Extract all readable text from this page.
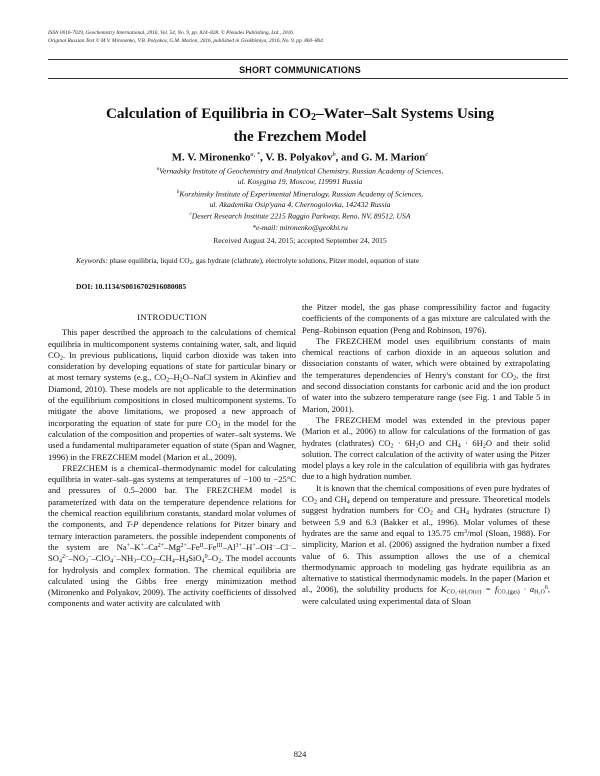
ISSN 0016-7029, Geochemistry International, 2016, Vol. 54, No. 9, pp. 824–828. © Pleiades Publishing, Ltd., 2016.
Original Russian Text © M.V. Mironenko, V.B. Polyakov, G.M. Marion, 2016, published in Geokhimiya, 2016, No. 9, pp. 860–864.
SHORT COMMUNICATIONS
Calculation of Equilibria in $CO_2-Water$–Salt Systems Using
the Frezchem Model
M. V. Mironenko$^{a, *}$, V. B. Polyakov$^b$, and G. M. Marion$^c$
$^a$Vernadsky Institute of Geochemistry and Analytical Chemistry, Russian Academy of Sciences,
ul. Kosygina 19, Moscow, 119991 Russia
$^b$Korzhinsky Institute of Experimental Mineralogy, Russian Academy of Sciences,
ul. Akademika Osip'yana 4, Chernogolovka, 142432 Russia
$^c$Desert Research Institute 2215 Raggio Parkway, Reno, NV, 89512, USA
*e-mail: mironenko@geokhi.ru
Received August 24, 2015; accepted September 24, 2015
Keywords: phase equilibria, liquid $CO_2$, gas hydrate (clathrate), electrolyte solutions, Pitzer model, equation of state
DOI: 10.1134/S0016702916080085

INTRODUCTION

This paper described the approach to the calculations of chemical equilibria in multicomponent systems containing water, salt, and liquid $CO_2$. In previous publications, liquid carbon dioxide was taken into consideration by developing equations of state for particular binary or at most ternary systems (e.g., $CO_2-H_2O$–NaCl system in Akinfiev and Diamond, 2010). These models are not applicable to the determination of the equilibrium compositions in closed multicomponent systems. To mitigate the above limitations, we proposed a new approach of incorporating the equation of state for pure $CO_2$ in the model for the calculation of the composition and properties of water–salt systems. We used a fundamental multiparameter equation of state (Span and Wagner, 1996) in the FREZCHEM model (Marion et al., 2009).

FREZCHEM is a chemical–thermodynamic model for calculating equilibria in water–salt–gas systems at temperatures of −100 to −25°C and pressures of 0.5–2000 bar. The FREZCHEM model is parameterized with data on the temperature dependence relations for the chemical reaction equilibrium constants, standard molar volumes of the components, and T-P dependence relations for Pitzer binary and ternary interaction parameters. the possible independent components of the system are $Na^+-K^+-Ca^{2+}-Mg^{2+}-Fe^{II}-Fe^{III}-Al^{3+}-H^+-OH^--Cl^--SO_4^{2-}-NO_3^--ClO_4^--NH_3-CO_2-CH_4-H_4SiO_4^0-O_2$. The model accounts for hydrolysis and complex formation. The chemical equilibria are calculated using the Gibbs free energy minimization method (Mironenko and Polyakov, 2009). The activity coefficients of dissolved components and water activity are calculated with

the Pitzer model, the gas phase compressibility factor and fugacity coefficients of the components of a gas mixture are calculated with the Peng–Robinson equation (Peng and Robinson, 1976).

The FREZCHEM model uses equilibrium constants of main chemical reactions of carbon dioxide in an aqueous solution and dissociation constants of water, which were obtained by extrapolating the temperatures dependencies of Henry's constant for $CO_2$, the first and second dissociation constants for carbonic acid and the ion product of water into the subzero temperature range (see Fig. 1 and Table 5 in Marion, 2001).

The FREZCHEM model was extended in the previous paper (Marion et al., 2006) to allow for calculations of the formation of gas hydrates (clathrates) $CO_2 \cdot 6H_2O$ and $CH_4 \cdot 6H_2O$ and their solid solution. The correct calculation of the activity of water using the Pitzer model plays a key role in the calculation of equilibria with gas hydrates due to a high hydration number.

It is known that the chemical compositions of even pure hydrates of $CO_2$ and $CH_4$ depend on temperature and pressure. Theoretical models suggest hydration numbers for $CO_2$ and $CH_4$ hydrates (structure I) between 5.9 and 6.3 (Bakker et al., 1996). Molar volumes of these hydrates are the same and equal to 135.75 $cm^3$/mol (Sloan, 1988). For simplicity, Marion et al. (2006) assigned the hydration number a fixed value of 6. This assumption allows the use of a chemical thermodynamic approach to modeling gas hydrate equilibria as an alternative to statistical thermodynamic models. In the paper (Marion et al., 2006), the solubility products for $K_{CO_2\cdot 6H_2O(cr)} = f_{CO_2(gas)} \cdot a_{H_2O}^6$, were calculated using experimental data of Sloan

824
